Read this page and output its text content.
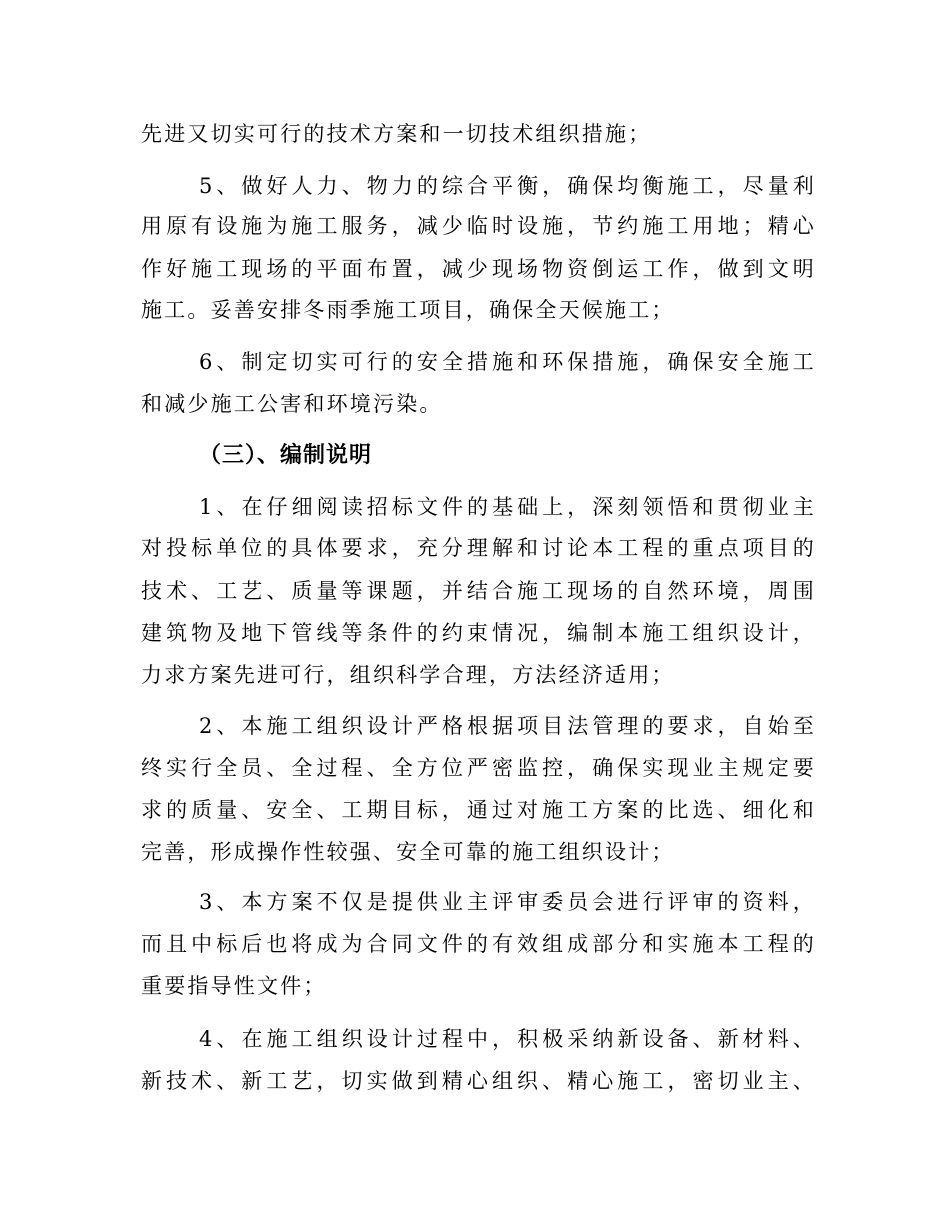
先进又切实可行的技术方案和一切技术组织措施；
5、做好人力、物力的综合平衡，确保均衡施工，尽量利
用原有设施为施工服务，减少临时设施，节约施工用地；精心
作好施工现场的平面布置，减少现场物资倒运工作，做到文明
施工。妥善安排冬雨季施工项目，确保全天候施工；
6、制定切实可行的安全措施和环保措施，确保安全施工
和减少施工公害和环境污染。
（三）、编制说明
1、在仔细阅读招标文件的基础上，深刻领悟和贯彻业主
对投标单位的具体要求，充分理解和讨论本工程的重点项目的
技术、工艺、质量等课题，并结合施工现场的自然环境，周围
建筑物及地下管线等条件的约束情况，编制本施工组织设计，
力求方案先进可行，组织科学合理，方法经济适用；
2、本施工组织设计严格根据项目法管理的要求，自始至
终实行全员、全过程、全方位严密监控，确保实现业主规定要
求的质量、安全、工期目标，通过对施工方案的比选、细化和
完善，形成操作性较强、安全可靠的施工组织设计；
3、本方案不仅是提供业主评审委员会进行评审的资料，
而且中标后也将成为合同文件的有效组成部分和实施本工程的
重要指导性文件；
4、在施工组织设计过程中，积极采纳新设备、新材料、
新技术、新工艺，切实做到精心组织、精心施工，密切业主、
